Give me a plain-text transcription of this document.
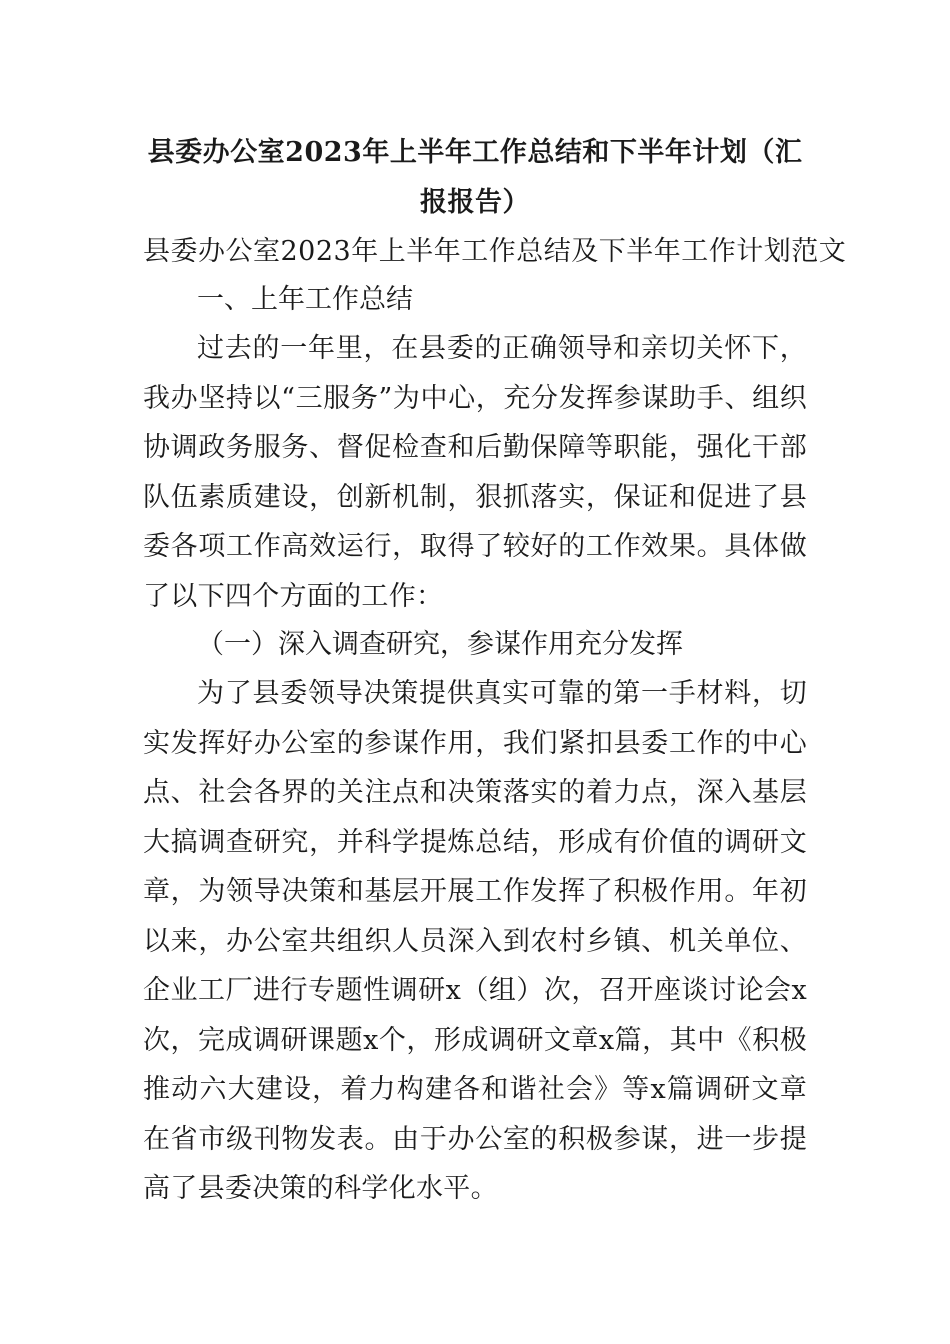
县委办公室2023年上半年工作总结和下半年计划（汇报报告）

县委办公室2023年上半年工作总结及下半年工作计划范文

一、上年工作总结

过去的一年里，在县委的正确领导和亲切关怀下，我办坚持以“三服务”为中心，充分发挥参谋助手、组织协调政务服务、督促检查和后勤保障等职能，强化干部队伍素质建设，创新机制，狠抓落实，保证和促进了县委各项工作高效运行，取得了较好的工作效果。具体做了以下四个方面的工作：

（一）深入调查研究，参谋作用充分发挥

为了县委领导决策提供真实可靠的第一手材料，切实发挥好办公室的参谋作用，我们紧扣县委工作的中心点、社会各界的关注点和决策落实的着力点，深入基层大搞调查研究，并科学提炼总结，形成有价值的调研文章，为领导决策和基层开展工作发挥了积极作用。年初以来，办公室共组织人员深入到农村乡镇、机关单位、企业工厂进行专题性调研x（组）次，召开座谈讨论会x次，完成调研课题x个，形成调研文章x篇，其中《积极推动六大建设，着力构建各和谐社会》等x篇调研文章在省市级刊物发表。由于办公室的积极参谋，进一步提高了县委决策的科学化水平。
